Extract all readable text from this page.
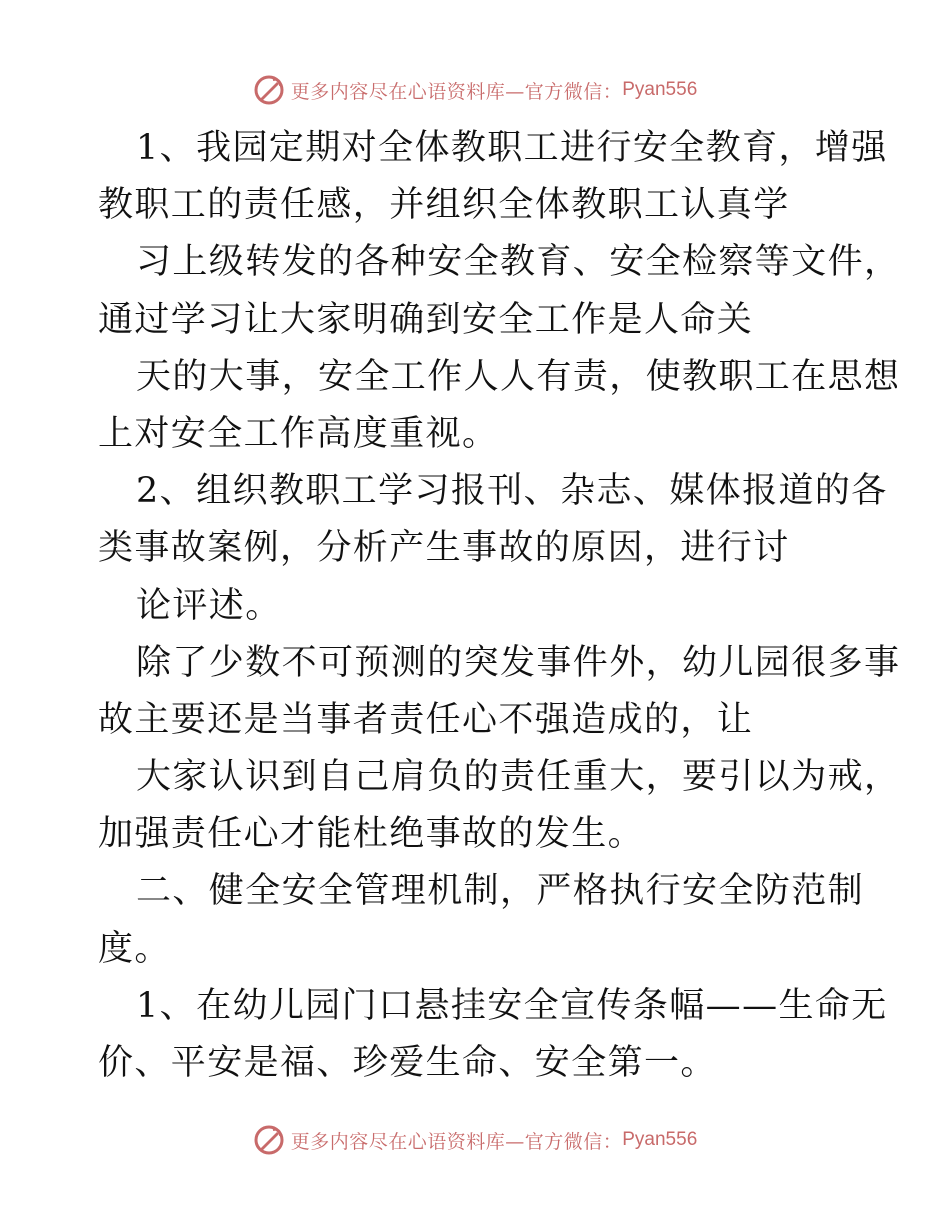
更多内容尽在心语资料库—官方微信： Pyan556
1、我园定期对全体教职工进行安全教育，增强
教职工的责任感，并组织全体教职工认真学
习上级转发的各种安全教育、安全检察等文件，
通过学习让大家明确到安全工作是人命关
天的大事，安全工作人人有责，使教职工在思想
上对安全工作高度重视。
2、组织教职工学习报刊、杂志、媒体报道的各
类事故案例，分析产生事故的原因，进行讨
论评述。
除了少数不可预测的突发事件外，幼儿园很多事
故主要还是当事者责任心不强造成的，让
大家认识到自己肩负的责任重大，要引以为戒，
加强责任心才能杜绝事故的发生。
二、健全安全管理机制，严格执行安全防范制
度。
1、在幼儿园门口悬挂安全宣传条幅——生命无
价、平安是福、珍爱生命、安全第一。
更多内容尽在心语资料库—官方微信： Pyan556
